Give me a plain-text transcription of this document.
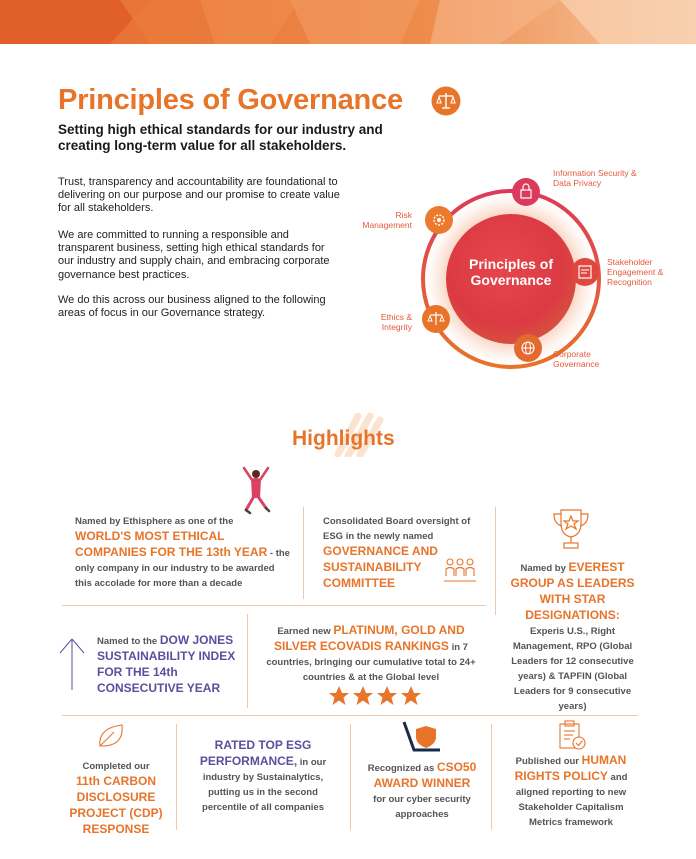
Principles of Governance
Setting high ethical standards for our industry and creating long-term value for all stakeholders.
Trust, transparency and accountability are foundational to delivering on our purpose and our promise to create value for all stakeholders.
We are committed to running a responsible and transparent business, setting high ethical standards for our industry and supply chain, and embracing corporate governance best practices.
We do this across our business aligned to the following areas of focus in our Governance strategy.
Principles of Governance
Information Security & Data Privacy
Stakeholder Engagement & Recognition
Corporate Governance
Ethics & Integrity
Risk Management
Highlights
Named by Ethisphere as one of the
WORLD'S MOST ETHICAL COMPANIES FOR THE 13th YEAR - the only company in our industry to be awarded this accolade for more than a decade
Consolidated Board oversight of ESG in the newly named
GOVERNANCE AND SUSTAINABILITY COMMITTEE
Named by EVEREST GROUP AS LEADERS WITH STAR DESIGNATIONS:
Experis U.S., Right Management, RPO (Global Leaders for 12 consecutive years) & TAPFIN (Global Leaders for 9 consecutive years)
Named to the DOW JONES SUSTAINABILITY INDEX FOR THE 14th CONSECUTIVE YEAR
Earned new PLATINUM, GOLD AND SILVER ECOVADIS RANKINGS in 7 countries, bringing our cumulative total to 24+ countries & at the Global level
Completed our
11th CARBON DISCLOSURE PROJECT (CDP) RESPONSE
RATED TOP ESG PERFORMANCE, in our industry by Sustainalytics, putting us in the second percentile of all companies
Recognized as CSO50 AWARD WINNER
for our cyber security approaches
Published our HUMAN RIGHTS POLICY and aligned reporting to new Stakeholder Capitalism Metrics framework
